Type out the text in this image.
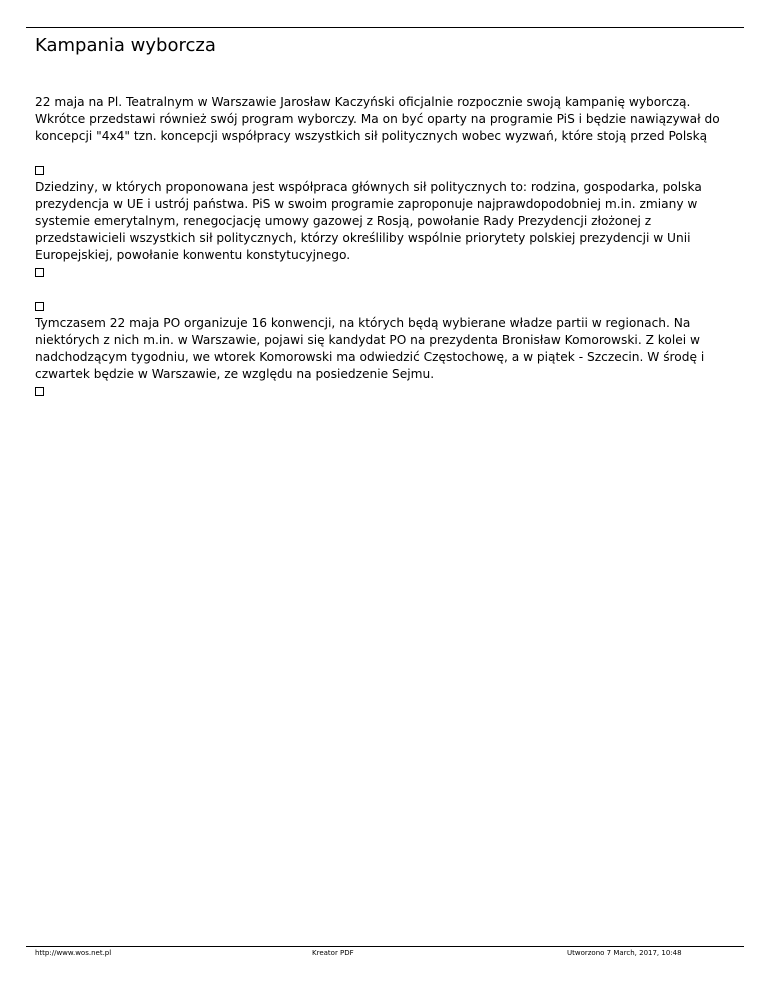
Kampania wyborcza

22 maja na Pl. Teatralnym w Warszawie Jarosław Kaczyński oficjalnie rozpocznie swoją kampanię wyborczą. Wkrótce przedstawi również swój program wyborczy. Ma on być oparty na programie PiS i będzie nawiązywał do koncepcji "4x4" tzn. koncepcji współpracy wszystkich sił politycznych wobec wyzwań, które stoją przed Polską

Dziedziny, w których proponowana jest współpraca głównych sił politycznych to: rodzina, gospodarka, polska prezydencja w UE i ustrój państwa. PiS w swoim programie zaproponuje najprawdopodobniej m.in. zmiany w systemie emerytalnym, renegocjację umowy gazowej z Rosją, powołanie Rady Prezydencji złożonej z przedstawicieli wszystkich sił politycznych, którzy określiliby wspólnie priorytety polskiej prezydencji w Unii Europejskiej, powołanie konwentu konstytucyjnego.

Tymczasem 22 maja PO organizuje 16 konwencji, na których będą wybierane władze partii w regionach. Na niektórych z nich m.in. w Warszawie, pojawi się kandydat PO na prezydenta Bronisław Komorowski. Z kolei w nadchodzącym tygodniu, we wtorek Komorowski ma odwiedzić Częstochowę, a w piątek - Szczecin. W środę i czwartek będzie w Warszawie, ze względu na posiedzenie Sejmu.

http://www.wos.net.pl	Kreator PDF	Utworzono 7 March, 2017, 10:48
